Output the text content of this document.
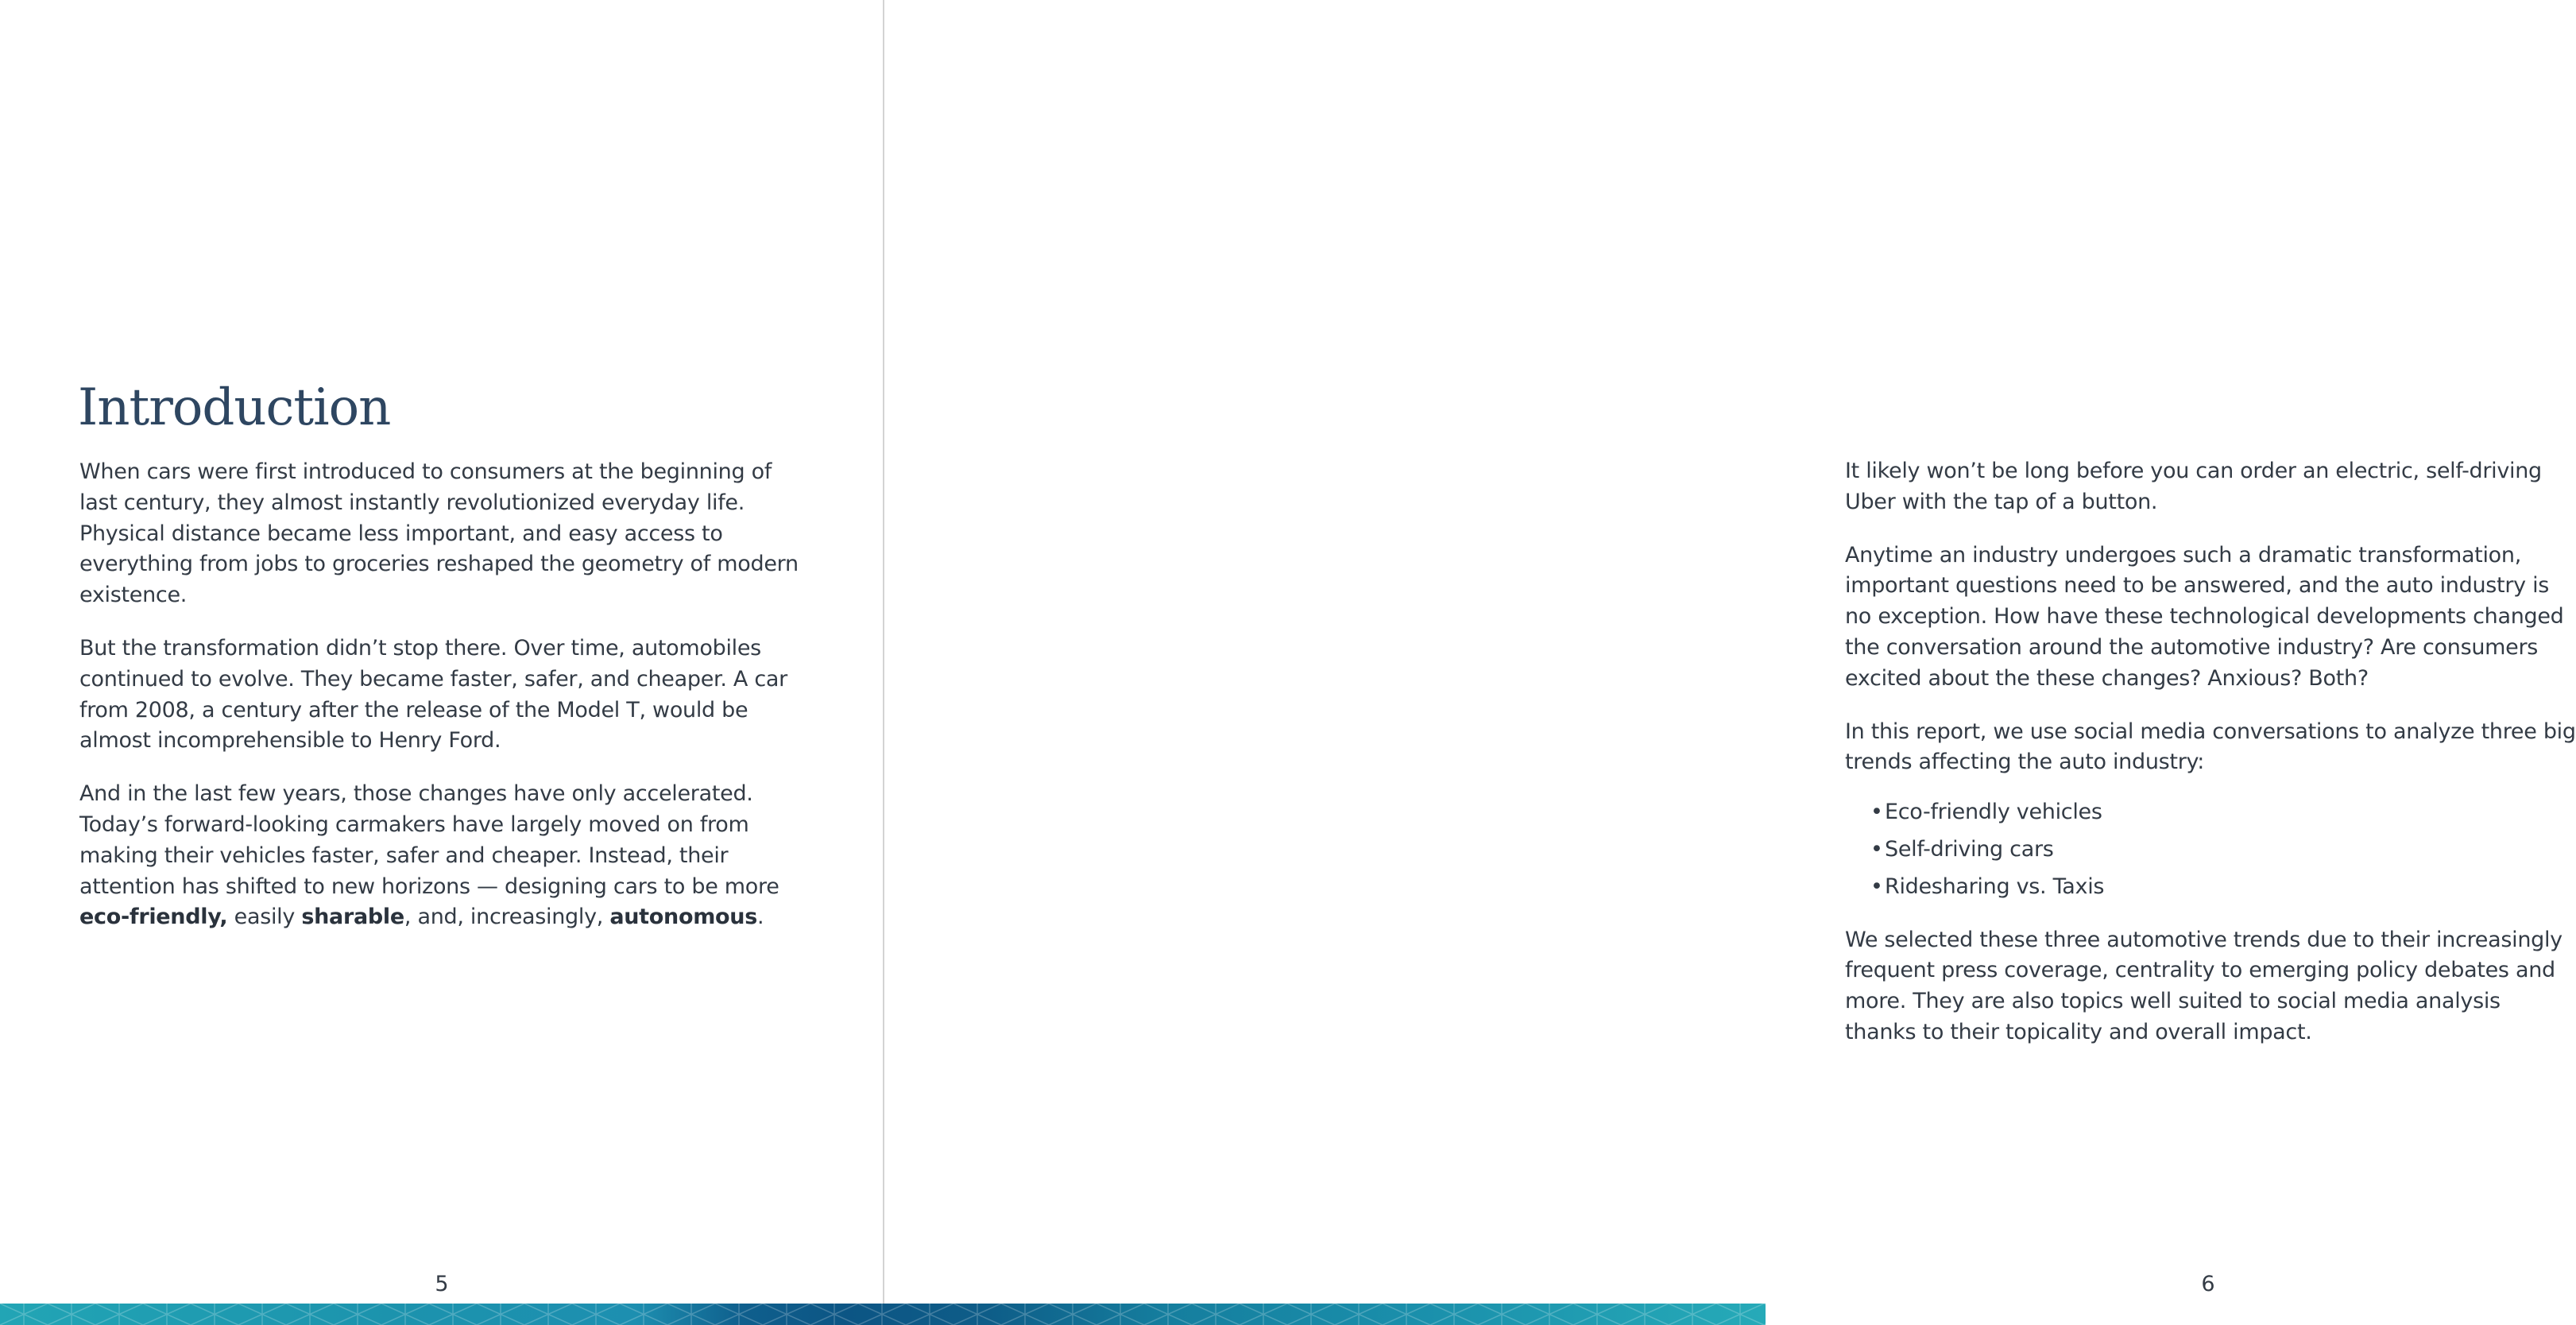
Introduction

When cars were first introduced to consumers at the beginning of last century, they almost instantly revolutionized everyday life. Physical distance became less important, and easy access to everything from jobs to groceries reshaped the geometry of modern existence.

But the transformation didn’t stop there. Over time, automobiles continued to evolve. They became faster, safer, and cheaper. A car from 2008, a century after the release of the Model T, would be almost incomprehensible to Henry Ford.

And in the last few years, those changes have only accelerated. Today’s forward-looking carmakers have largely moved on from making their vehicles faster, safer and cheaper. Instead, their attention has shifted to new horizons — designing cars to be more eco-friendly, easily sharable, and, increasingly, autonomous.

5

It likely won’t be long before you can order an electric, self-driving Uber with the tap of a button.

Anytime an industry undergoes such a dramatic transformation, important questions need to be answered, and the auto industry is no exception. How have these technological developments changed the conversation around the automotive industry? Are consumers excited about the these changes? Anxious? Both?

In this report, we use social media conversations to analyze three big trends affecting the auto industry:

•Eco-friendly vehicles
•Self-driving cars
•Ridesharing vs. Taxis

We selected these three automotive trends due to their increasingly frequent press coverage, centrality to emerging policy debates and more. They are also topics well suited to social media analysis thanks to their topicality and overall impact.

6
